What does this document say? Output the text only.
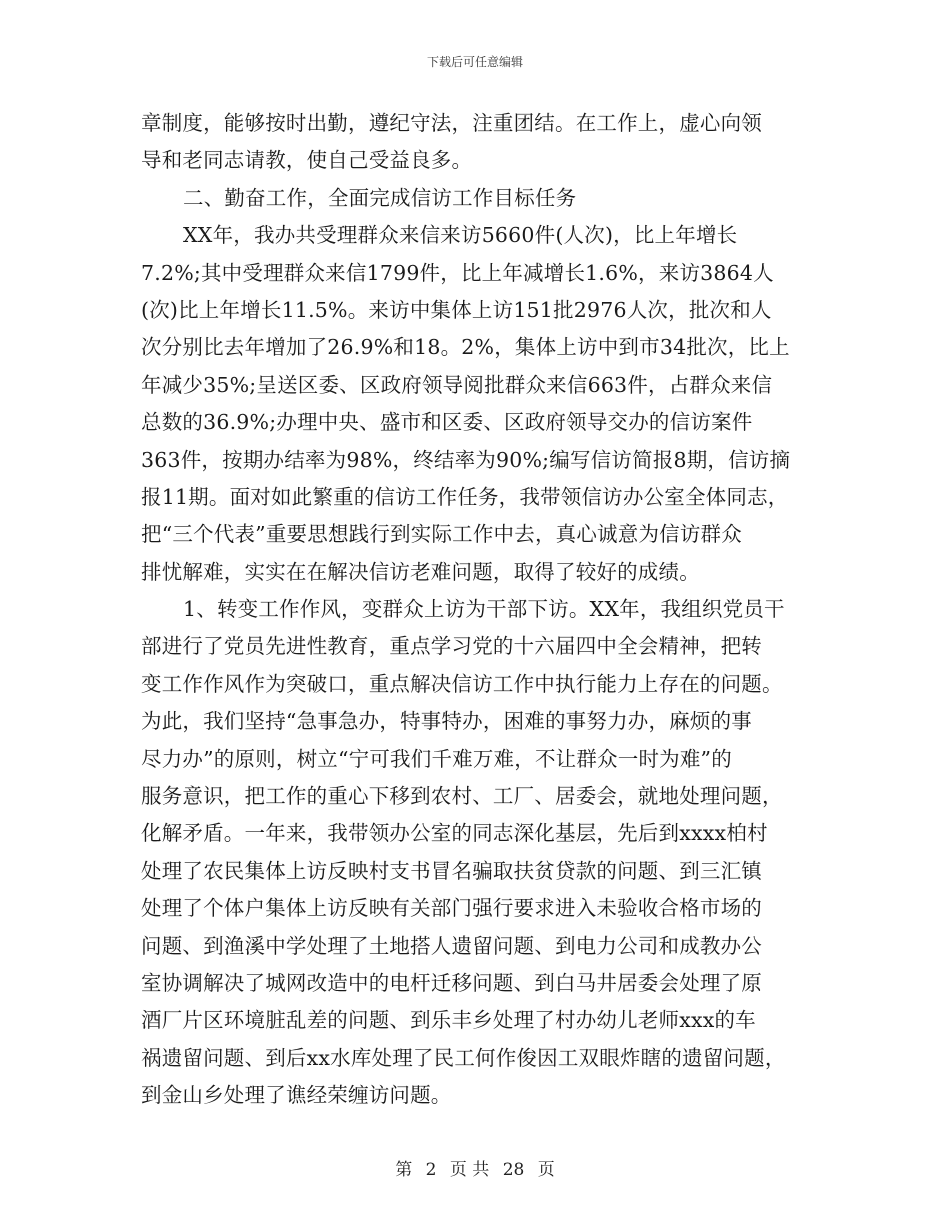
下载后可任意编辑
章制度，能够按时出勤，遵纪守法，注重团结。在工作上，虚心向领
导和老同志请教，使自己受益良多。
二、勤奋工作，全面完成信访工作目标任务
XX年，我办共受理群众来信来访5660件(人次)，比上年增长
7.2%;其中受理群众来信1799件，比上年减增长1.6%，来访3864人
(次)比上年增长11.5%。来访中集体上访151批2976人次，批次和人
次分别比去年增加了26.9%和18。2%，集体上访中到市34批次，比上
年减少35%;呈送区委、区政府领导阅批群众来信663件，占群众来信
总数的36.9%;办理中央、盛市和区委、区政府领导交办的信访案件
363件，按期办结率为98%，终结率为90%;编写信访简报8期，信访摘
报11期。面对如此繁重的信访工作任务，我带领信访办公室全体同志，
把“三个代表”重要思想践行到实际工作中去，真心诚意为信访群众
排忧解难，实实在在解决信访老难问题，取得了较好的成绩。
1、转变工作作风，变群众上访为干部下访。XX年，我组织党员干
部进行了党员先进性教育，重点学习党的十六届四中全会精神，把转
变工作作风作为突破口，重点解决信访工作中执行能力上存在的问题。
为此，我们坚持“急事急办，特事特办，困难的事努力办，麻烦的事
尽力办”的原则，树立“宁可我们千难万难，不让群众一时为难”的
服务意识，把工作的重心下移到农村、工厂、居委会，就地处理问题，
化解矛盾。一年来，我带领办公室的同志深化基层，先后到xxxx柏村
处理了农民集体上访反映村支书冒名骗取扶贫贷款的问题、到三汇镇
处理了个体户集体上访反映有关部门强行要求进入未验收合格市场的
问题、到渔溪中学处理了土地搭人遗留问题、到电力公司和成教办公
室协调解决了城网改造中的电杆迁移问题、到白马井居委会处理了原
酒厂片区环境脏乱差的问题、到乐丰乡处理了村办幼儿老师xxx的车
祸遗留问题、到后xx水库处理了民工何作俊因工双眼炸瞎的遗留问题，
到金山乡处理了谯经荣缠访问题。
第 2 页 共 28 页
